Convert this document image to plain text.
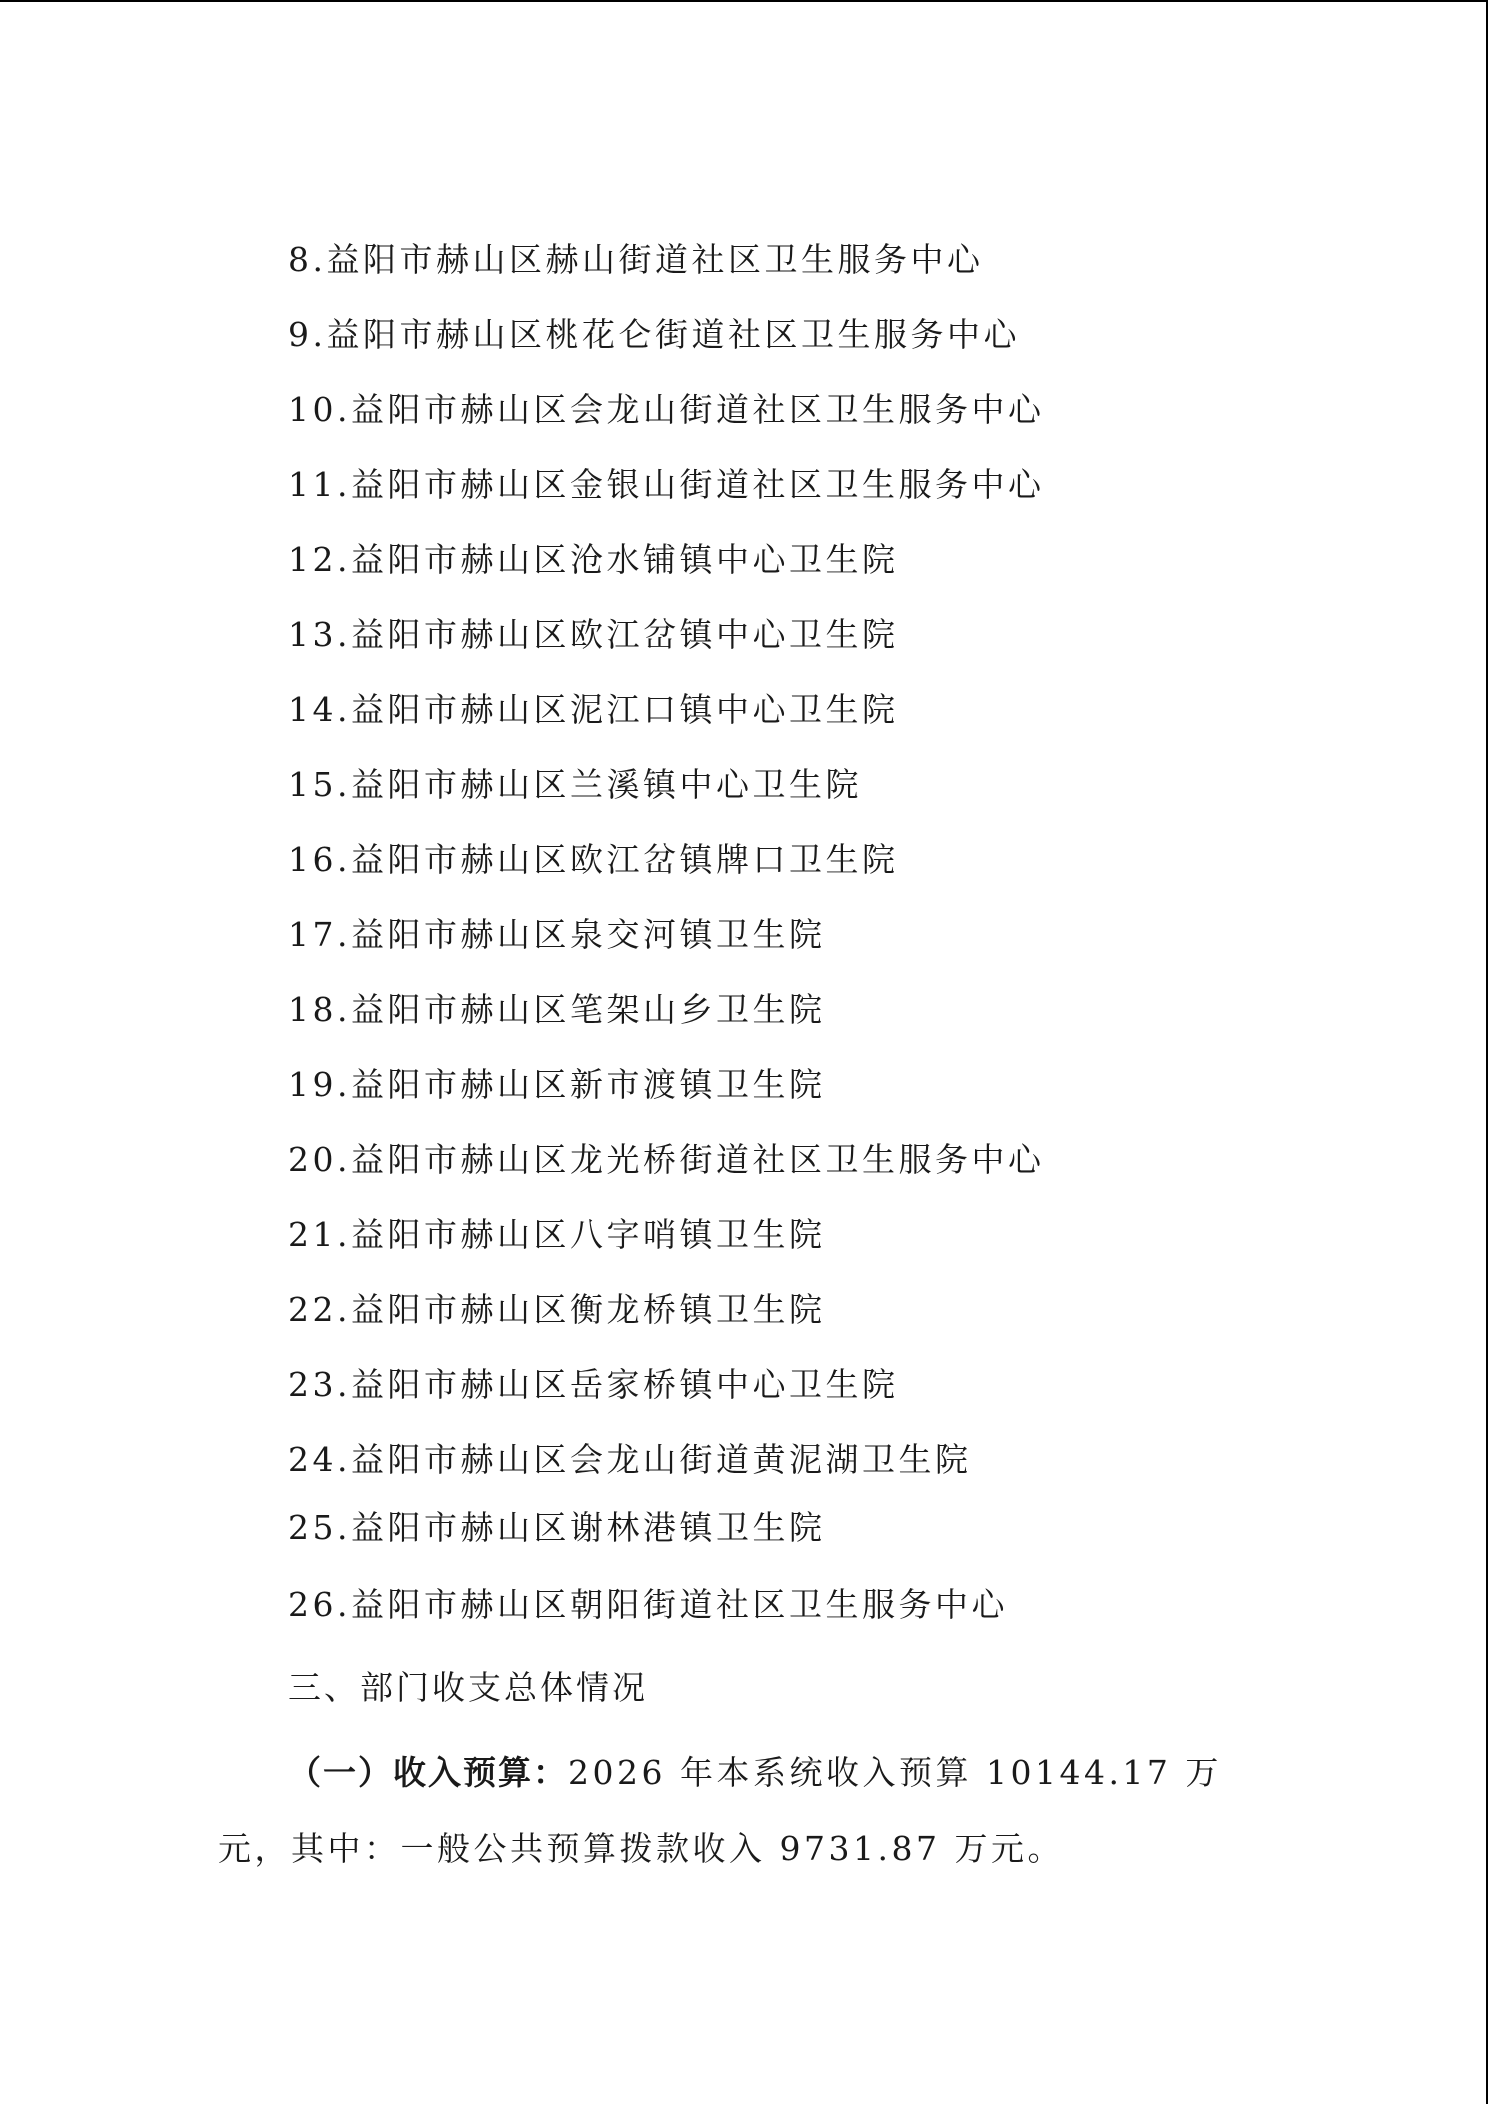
8.益阳市赫山区赫山街道社区卫生服务中心
9.益阳市赫山区桃花仑街道社区卫生服务中心
10.益阳市赫山区会龙山街道社区卫生服务中心
11.益阳市赫山区金银山街道社区卫生服务中心
12.益阳市赫山区沧水铺镇中心卫生院
13.益阳市赫山区欧江岔镇中心卫生院
14.益阳市赫山区泥江口镇中心卫生院
15.益阳市赫山区兰溪镇中心卫生院
16.益阳市赫山区欧江岔镇牌口卫生院
17.益阳市赫山区泉交河镇卫生院
18.益阳市赫山区笔架山乡卫生院
19.益阳市赫山区新市渡镇卫生院
20.益阳市赫山区龙光桥街道社区卫生服务中心
21.益阳市赫山区八字哨镇卫生院
22.益阳市赫山区衡龙桥镇卫生院
23.益阳市赫山区岳家桥镇中心卫生院
24.益阳市赫山区会龙山街道黄泥湖卫生院
25.益阳市赫山区谢林港镇卫生院
26.益阳市赫山区朝阳街道社区卫生服务中心
三、部门收支总体情况

（一）收入预算：2026 年本系统收入预算 10144.17 万元，其中：一般公共预算拨款收入 9731.87 万元。
